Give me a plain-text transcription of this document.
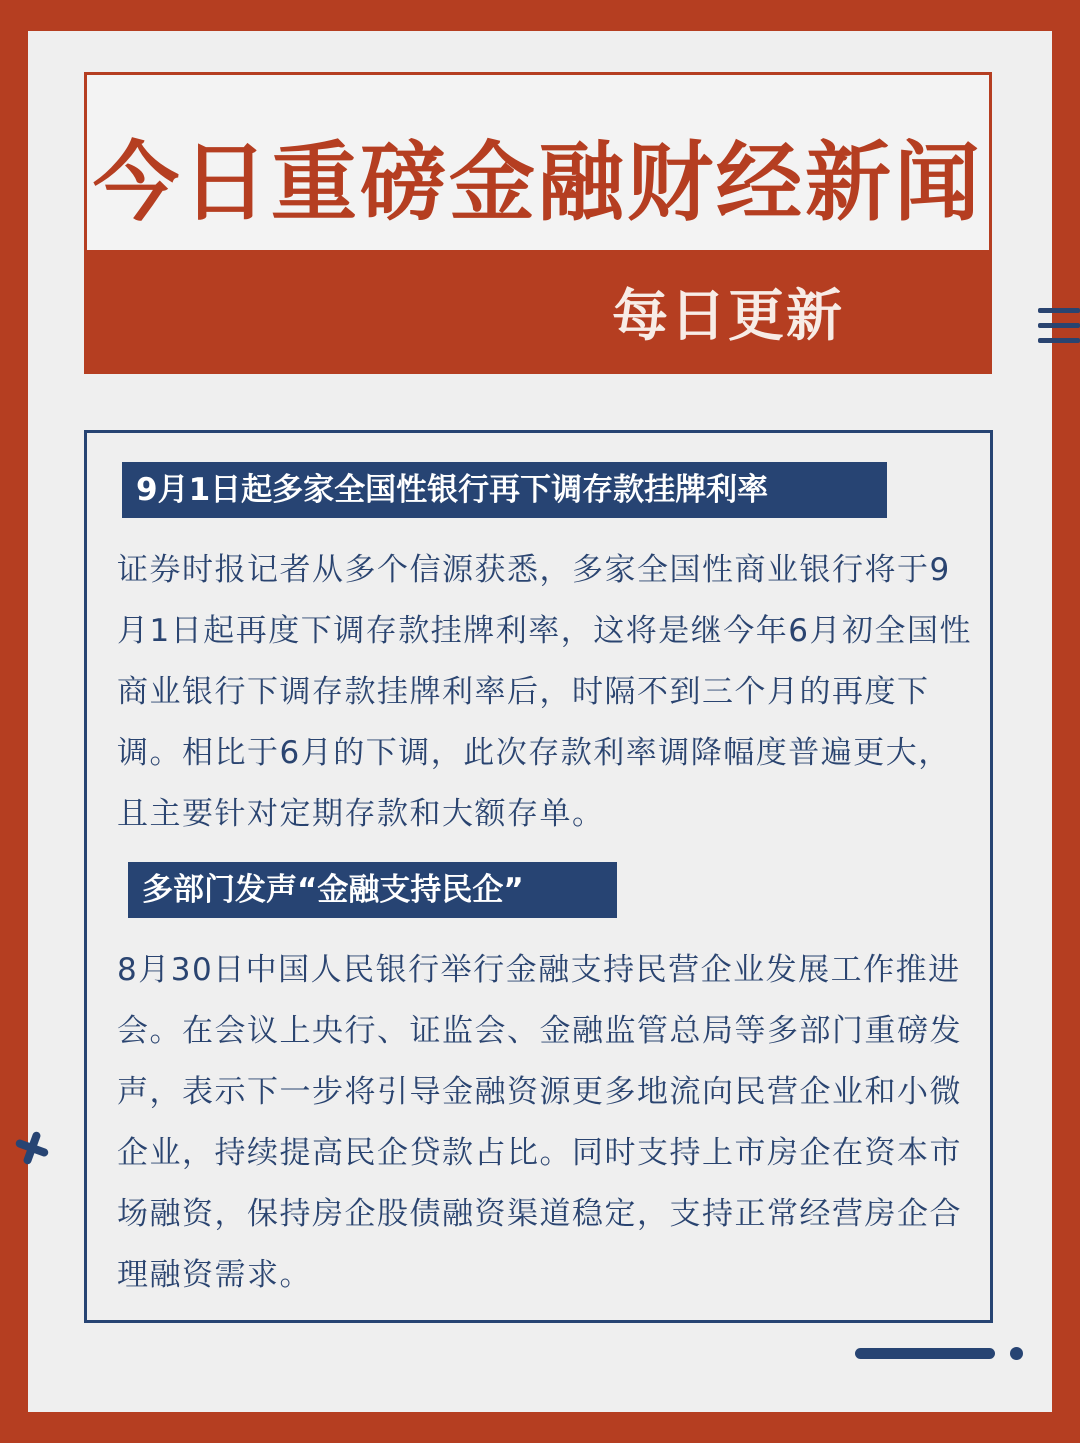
今日重磅金融财经新闻
每日更新
9月1日起多家全国性银行再下调存款挂牌利率
证券时报记者从多个信源获悉，多家全国性商业银行将于9月1日起再度下调存款挂牌利率，这将是继今年6月初全国性商业银行下调存款挂牌利率后，时隔不到三个月的再度下调。相比于6月的下调，此次存款利率调降幅度普遍更大，且主要针对定期存款和大额存单。
多部门发声“金融支持民企”
8月30日中国人民银行举行金融支持民营企业发展工作推进会。在会议上央行、证监会、金融监管总局等多部门重磅发声，表示下一步将引导金融资源更多地流向民营企业和小微企业，持续提高民企贷款占比。同时支持上市房企在资本市场融资，保持房企股债融资渠道稳定，支持正常经营房企合理融资需求。
